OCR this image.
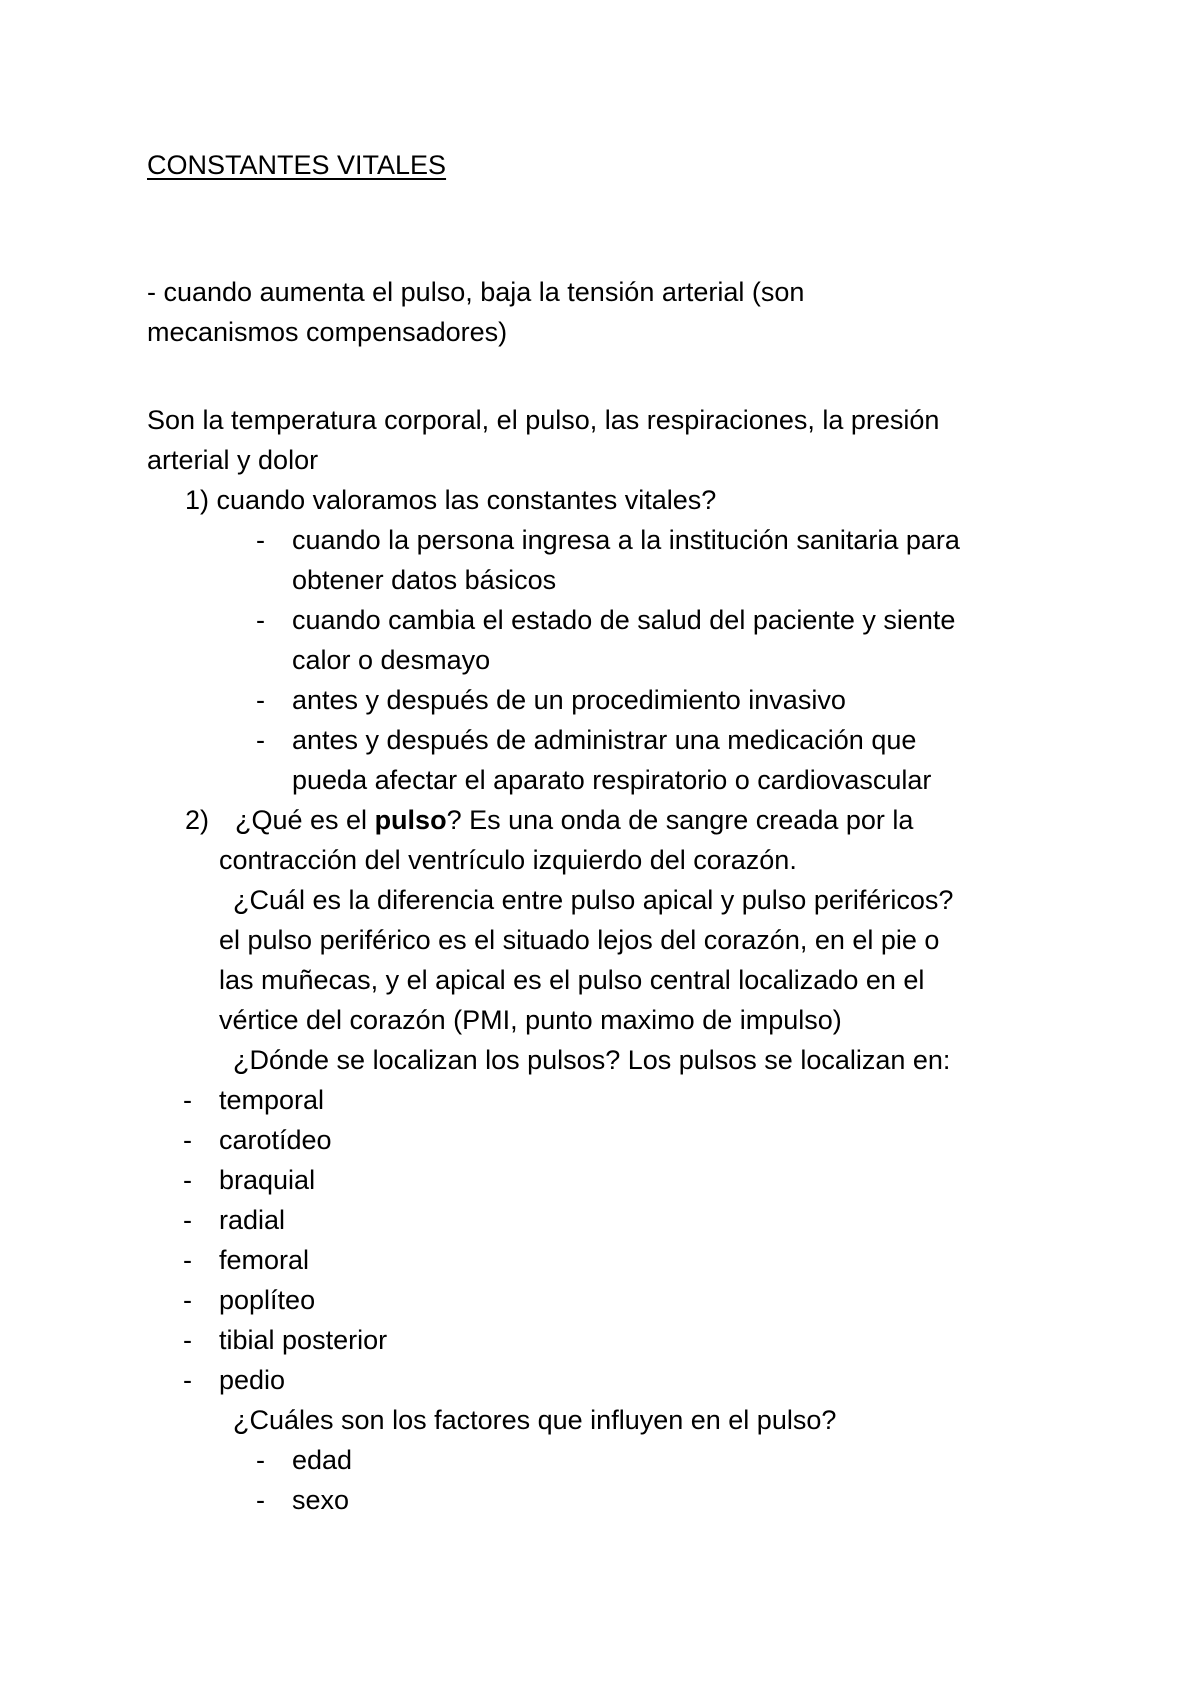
CONSTANTES VITALES
- cuando aumenta el pulso, baja la tensión arterial (son
mecanismos compensadores)
Son la temperatura corporal, el pulso, las respiraciones, la presión
arterial y dolor
1) cuando valoramos las constantes vitales?
- cuando la persona ingresa a la institución sanitaria para
obtener datos básicos
- cuando cambia el estado de salud del paciente y siente
calor o desmayo
- antes y después de un procedimiento invasivo
- antes y después de administrar una medicación que
pueda afectar el aparato respiratorio o cardiovascular
2) ¿Qué es el pulso? Es una onda de sangre creada por la
contracción del ventrículo izquierdo del corazón.
¿Cuál es la diferencia entre pulso apical y pulso periféricos?
el pulso periférico es el situado lejos del corazón, en el pie o
las muñecas, y el apical es el pulso central localizado en el
vértice del corazón (PMI, punto maximo de impulso)
¿Dónde se localizan los pulsos? Los pulsos se localizan en:
- temporal
- carotídeo
- braquial
- radial
- femoral
- poplíteo
- tibial posterior
- pedio
¿Cuáles son los factores que influyen en el pulso?
- edad
- sexo
